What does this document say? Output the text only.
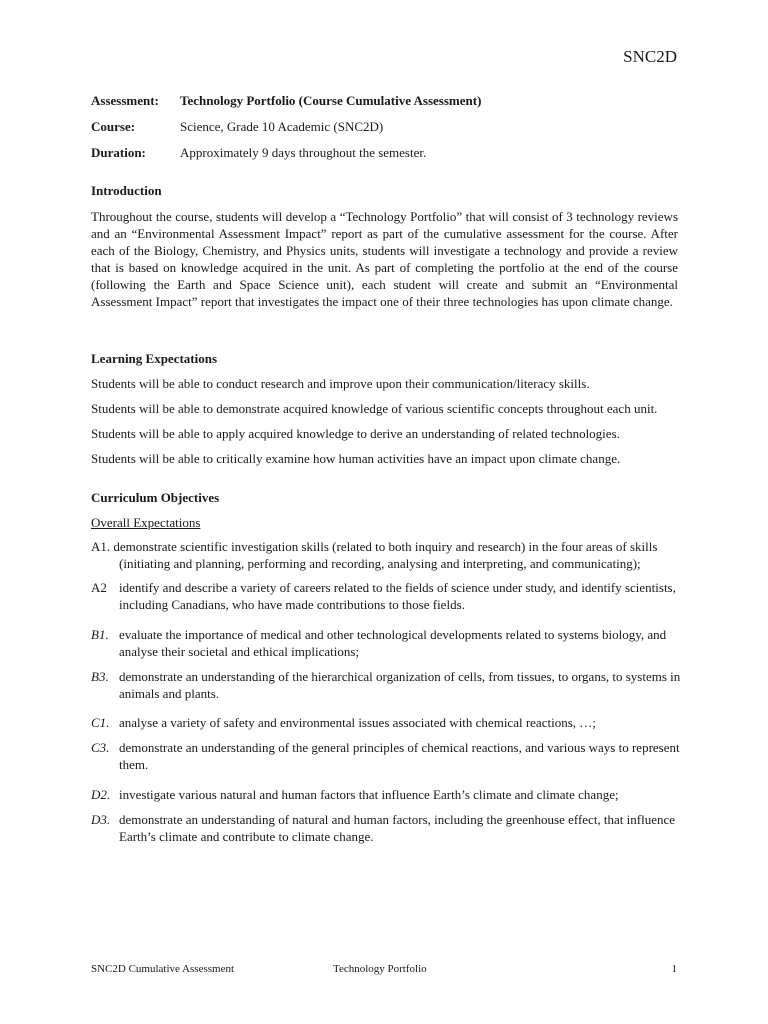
SNC2D
Assessment:	Technology Portfolio (Course Cumulative Assessment)
Course:	Science, Grade 10 Academic (SNC2D)
Duration:	Approximately 9 days throughout the semester.
Introduction
Throughout the course, students will develop a “Technology Portfolio” that will consist of 3 technology reviews and an “Environmental Assessment Impact” report as part of the cumulative assessment for the course. After each of the Biology, Chemistry, and Physics units, students will investigate a technology and provide a review that is based on knowledge acquired in the unit. As part of completing the portfolio at the end of the course (following the Earth and Space Science unit), each student will create and submit an “Environmental Assessment Impact” report that investigates the impact one of their three technologies has upon climate change.
Learning Expectations
Students will be able to conduct research and improve upon their communication/literacy skills.
Students will be able to demonstrate acquired knowledge of various scientific concepts throughout each unit.
Students will be able to apply acquired knowledge to derive an understanding of related technologies.
Students will be able to critically examine how human activities have an impact upon climate change.
Curriculum Objectives
Overall Expectations
A1. demonstrate scientific investigation skills (related to both inquiry and research) in the four areas of skills
(initiating and planning, performing and recording, analysing and interpreting, and communicating);
A2 identify and describe a variety of careers related to the fields of science under study, and identify scientists, including Canadians, who have made contributions to those fields.
B1. evaluate the importance of medical and other technological developments related to systems biology, and analyse their societal and ethical implications;
B3. demonstrate an understanding of the hierarchical organization of cells, from tissues, to organs, to systems in animals and plants.
C1. analyse a variety of safety and environmental issues associated with chemical reactions, …;
C3. demonstrate an understanding of the general principles of chemical reactions, and various ways to represent them.
D2. investigate various natural and human factors that influence Earth’s climate and climate change;
D3. demonstrate an understanding of natural and human factors, including the greenhouse effect, that influence Earth’s climate and contribute to climate change.
SNC2D Cumulative Assessment	Technology Portfolio	1
